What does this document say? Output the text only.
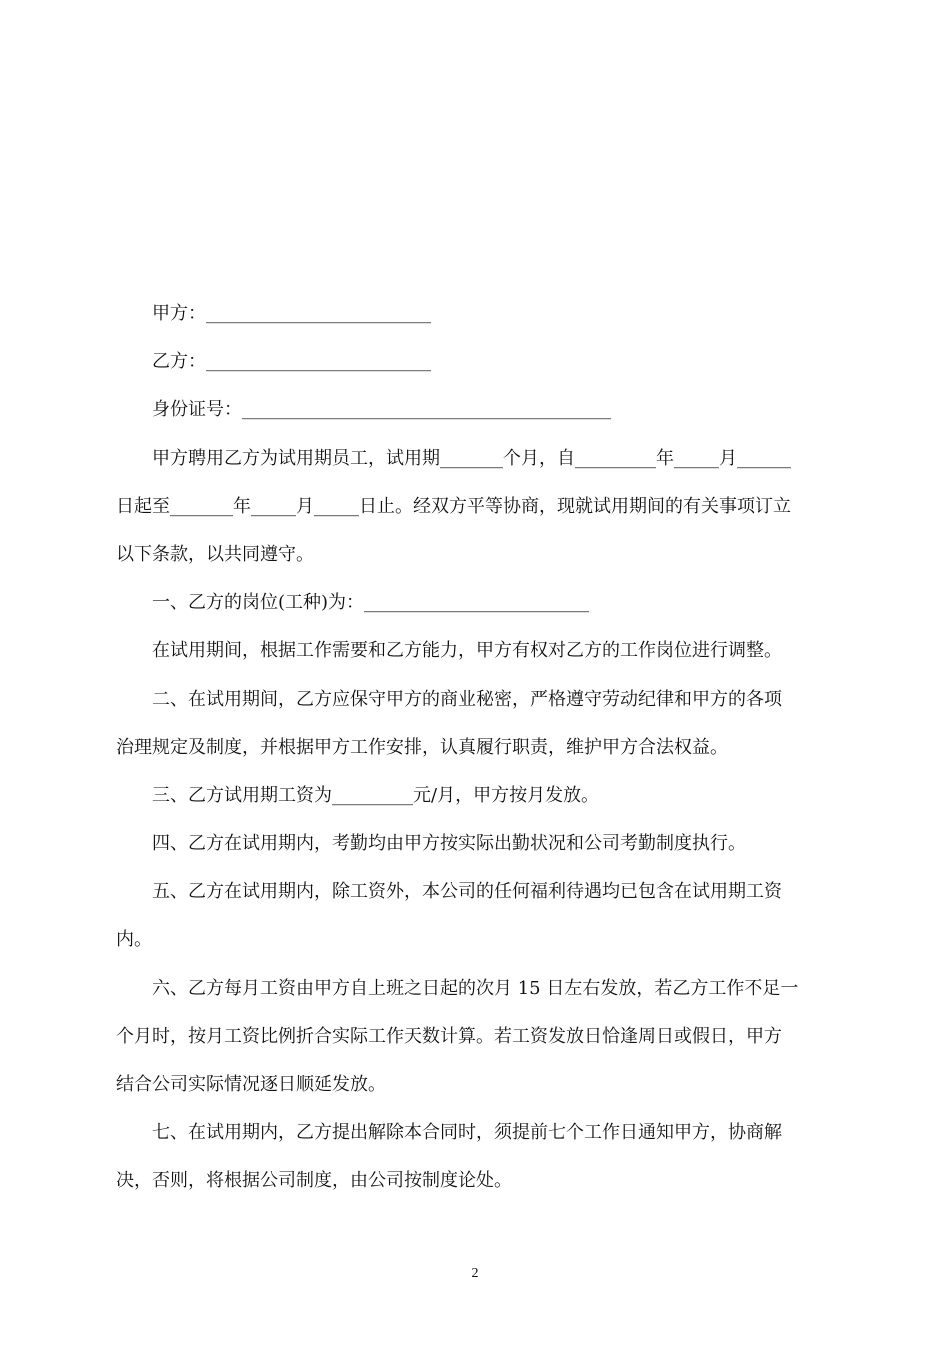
甲方：_________________________
乙方：_________________________
身份证号：_________________________________________
甲方聘用乙方为试用期员工，试用期_______个月，自_________年_____月______
日起至_______年_____月_____日止。经双方平等协商，现就试用期间的有关事项订立
以下条款，以共同遵守。
一、乙方的岗位(工种)为：_________________________
在试用期间，根据工作需要和乙方能力，甲方有权对乙方的工作岗位进行调整。
二、在试用期间，乙方应保守甲方的商业秘密，严格遵守劳动纪律和甲方的各项
治理规定及制度，并根据甲方工作安排，认真履行职责，维护甲方合法权益。
三、乙方试用期工资为_________元/月，甲方按月发放。
四、乙方在试用期内，考勤均由甲方按实际出勤状况和公司考勤制度执行。
五、乙方在试用期内，除工资外，本公司的任何福利待遇均已包含在试用期工资
内。
六、乙方每月工资由甲方自上班之日起的次月 15 日左右发放，若乙方工作不足一
个月时，按月工资比例折合实际工作天数计算。若工资发放日恰逢周日或假日，甲方
结合公司实际情况逐日顺延发放。
七、在试用期内，乙方提出解除本合同时，须提前七个工作日通知甲方，协商解
决，否则，将根据公司制度，由公司按制度论处。
2
